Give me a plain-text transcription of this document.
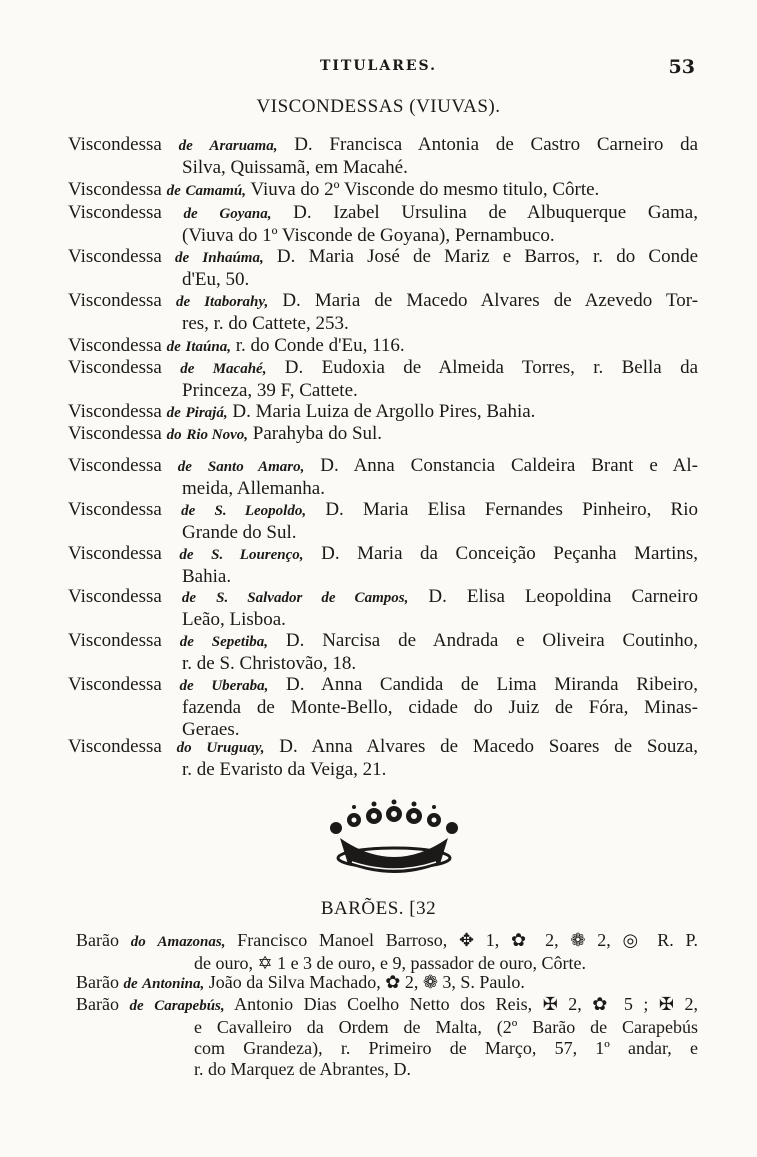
TITULARES.	53
VISCONDESSAS (VIUVAS).
Viscondessa de Araruama, D. Francisca Antonia de Castro Carneiro da
Silva, Quissamã, em Macahé.
Viscondessa de Camamú, Viuva do 2º Visconde do mesmo titulo, Côrte.
Viscondessa de Goyana, D. Izabel Ursulina de Albuquerque Gama,
(Viuva do 1º Visconde de Goyana), Pernambuco.
Viscondessa de Inhaúma, D. Maria José de Mariz e Barros, r. do Conde
d'Eu, 50.
Viscondessa de Itaborahy, D. Maria de Macedo Alvares de Azevedo Tor-
res, r. do Cattete, 253.
Viscondessa de Itaúna, r. do Conde d'Eu, 116.
Viscondessa de Macahé, D. Eudoxia de Almeida Torres, r. Bella da
Princeza, 39 F, Cattete.
Viscondessa de Pirajá, D. Maria Luiza de Argollo Pires, Bahia.
Viscondessa do Rio Novo, Parahyba do Sul.
Viscondessa de Santo Amaro, D. Anna Constancia Caldeira Brant e Al-
meida, Allemanha.
Viscondessa de S. Leopoldo, D. Maria Elisa Fernandes Pinheiro, Rio
Grande do Sul.
Viscondessa de S. Lourenço, D. Maria da Conceição Peçanha Martins,
Bahia.
Viscondessa de S. Salvador de Campos, D. Elisa Leopoldina Carneiro
Leão, Lisboa.
Viscondessa de Sepetiba, D. Narcisa de Andrada e Oliveira Coutinho,
r. de S. Christovão, 18.
Viscondessa de Uberaba, D. Anna Candida de Lima Miranda Ribeiro,
fazenda de Monte-Bello, cidade do Juiz de Fóra, Minas-
Geraes.
Viscondessa do Uruguay, D. Anna Alvares de Macedo Soares de Souza,
r. de Evaristo da Veiga, 21.
BARÕES. [32
Barão do Amazonas, Francisco Manoel Barroso, ✥ 1, ✿ 2, ❁ 2, ◎ R. P.
de ouro, ✡ 1 e 3 de ouro, e 9, passador de ouro, Côrte.
Barão de Antonina, João da Silva Machado, ✿ 2, ❁ 3, S. Paulo.
Barão de Carapebús, Antonio Dias Coelho Netto dos Reis, ✠ 2, ✿ 5 ; ✠ 2,
e Cavalleiro da Ordem de Malta, (2º Barão de Carapebús
com Grandeza), r. Primeiro de Março, 57, 1º andar, e
r. do Marquez de Abrantes, D.
